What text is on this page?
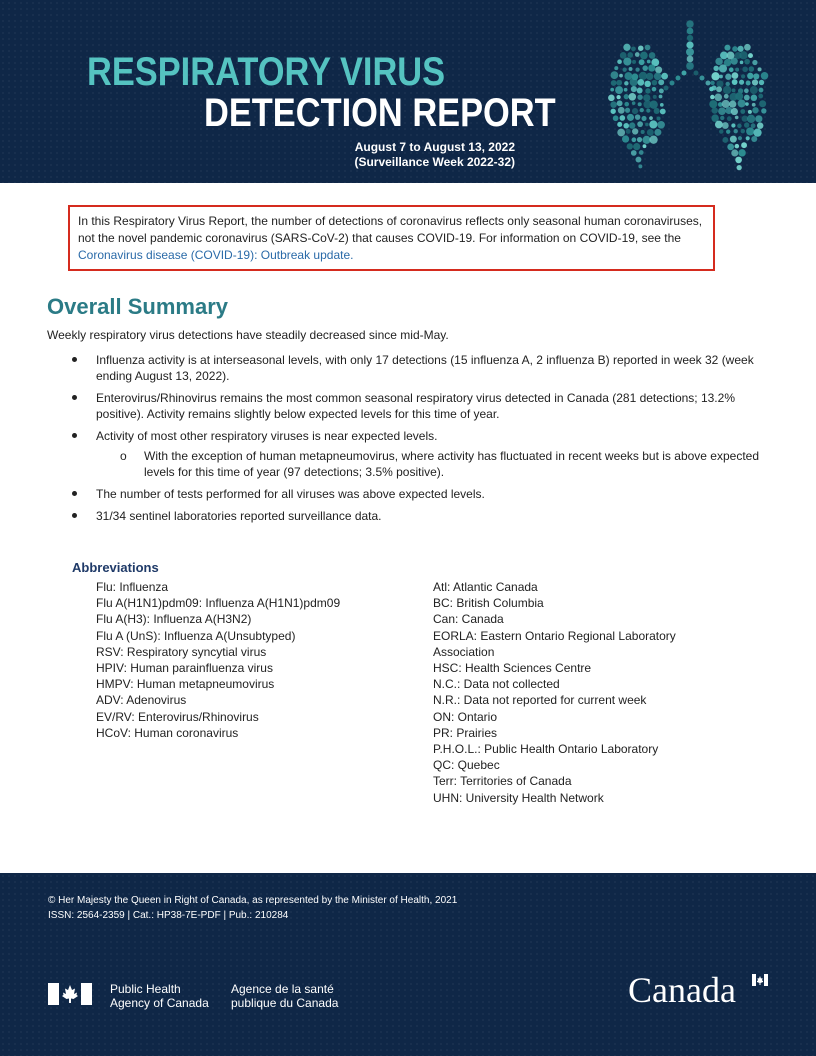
RESPIRATORY VIRUS
DETECTION REPORT
August 7 to August 13, 2022
(Surveillance Week 2022-32)
In this Respiratory Virus Report, the number of detections of coronavirus reflects only seasonal human coronaviruses, not the novel pandemic coronavirus (SARS-CoV-2) that causes COVID-19. For information on COVID-19, see the Coronavirus disease (COVID-19): Outbreak update.
Overall Summary
Weekly respiratory virus detections have steadily decreased since mid-May.
Influenza activity is at interseasonal levels, with only 17 detections (15 influenza A, 2 influenza B) reported in week 32 (week ending August 13, 2022).
Enterovirus/Rhinovirus remains the most common seasonal respiratory virus detected in Canada (281 detections; 13.2% positive). Activity remains slightly below expected levels for this time of year.
Activity of most other respiratory viruses is near expected levels.
o With the exception of human metapneumovirus, where activity has fluctuated in recent weeks but is above expected levels for this time of year (97 detections; 3.5% positive).
The number of tests performed for all viruses was above expected levels.
31/34 sentinel laboratories reported surveillance data.
Abbreviations
Flu: Influenza
Flu A(H1N1)pdm09: Influenza A(H1N1)pdm09
Flu A(H3): Influenza A(H3N2)
Flu A (UnS): Influenza A(Unsubtyped)
RSV: Respiratory syncytial virus
HPIV: Human parainfluenza virus
HMPV: Human metapneumovirus
ADV: Adenovirus
EV/RV: Enterovirus/Rhinovirus
HCoV: Human coronavirus
Atl: Atlantic Canada
BC: British Columbia
Can: Canada
EORLA: Eastern Ontario Regional Laboratory
Association
HSC: Health Sciences Centre
N.C.: Data not collected
N.R.: Data not reported for current week
ON: Ontario
PR: Prairies
P.H.O.L.: Public Health Ontario Laboratory
QC: Quebec
Terr: Territories of Canada
UHN: University Health Network
© Her Majesty the Queen in Right of Canada, as represented by the Minister of Health, 2021
ISSN: 2564-2359 | Cat.: HP38-7E-PDF | Pub.: 210284
Public Health
Agency of Canada
Agence de la santé
publique du Canada	Canada
